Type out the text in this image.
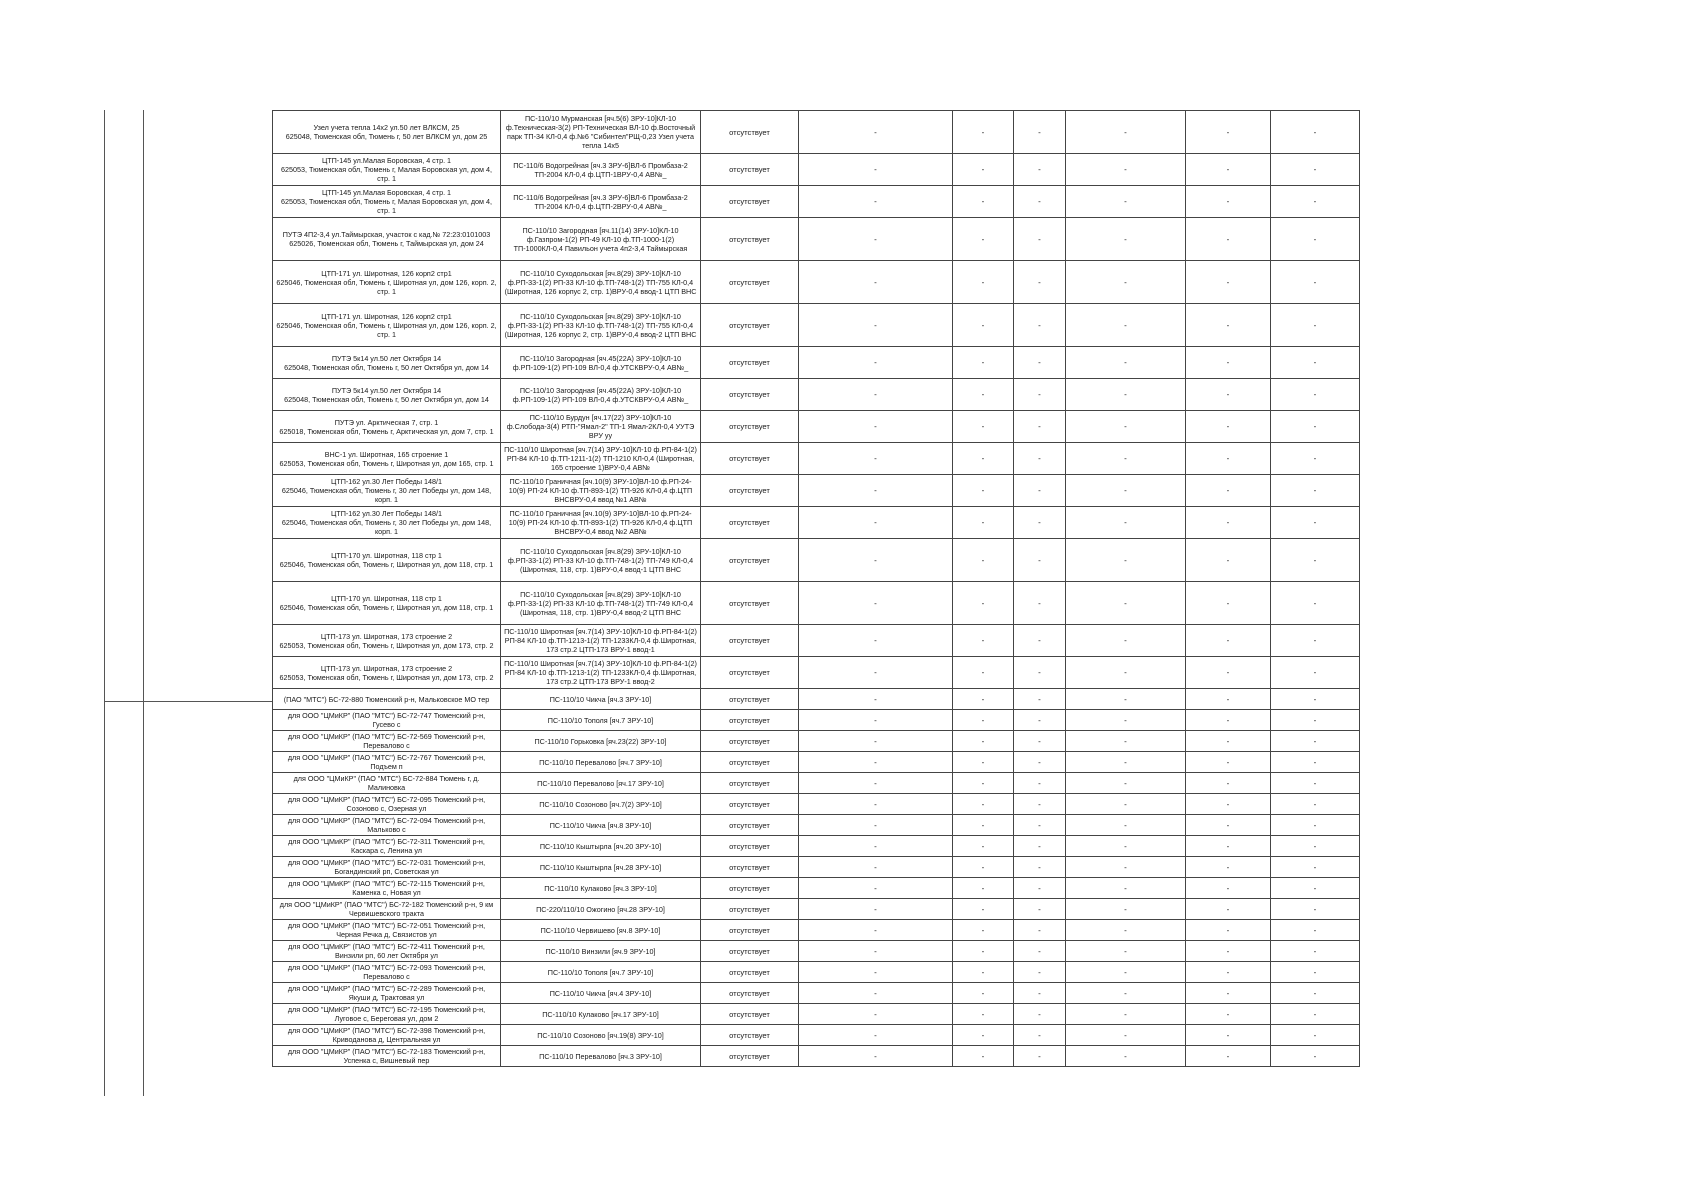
Узел учета тепла 14х2 ул.50 лет ВЛКСМ, 25
625048, Тюменская обл, Тюмень г, 50 лет ВЛКСМ ул, дом 25	ПС-110/10 Мурманская [яч.5(6) ЗРУ-10]КЛ-10 ф.Техническая-3(2) РП-Техническая ВЛ-10 ф.Восточный парк ТП-34 КЛ-0,4 ф.№6 "Сибинтел"РЩ-0,23 Узел учета тепла 14х5	отсутствует	-	-	-	-	-	-
ЦТП-145 ул.Малая Боровская, 4 стр. 1
625053, Тюменская обл, Тюмень г, Малая Боровская ул, дом 4, стр. 1	ПС-110/6 Водогрейная [яч.3 ЗРУ-6]ВЛ-6 Промбаза-2 ТП-2004 КЛ-0,4 ф.ЦТП-1ВРУ-0,4 АВ№_	отсутствует	-	-	-	-	-	-
ЦТП-145 ул.Малая Боровская, 4 стр. 1
625053, Тюменская обл, Тюмень г, Малая Боровская ул, дом 4, стр. 1	ПС-110/6 Водогрейная [яч.3 ЗРУ-6]ВЛ-6 Промбаза-2 ТП-2004 КЛ-0,4 ф.ЦТП-2ВРУ-0,4 АВ№_	отсутствует	-	-	-	-	-	-
ПУТЭ 4П2-3,4 ул.Таймырская, участок с кад.№ 72:23:0101003
625026, Тюменская обл, Тюмень г, Таймырская ул, дом 24	ПС-110/10 Загородная [яч.11(14) ЗРУ-10]КЛ-10 ф.Газпром-1(2) РП-49 КЛ-10 ф.ТП-1000-1(2) ТП-1000КЛ-0,4 Павильон учета 4п2-3,4 Таймырская	отсутствует	-	-	-	-	-	-
ЦТП-171 ул. Широтная, 126 корп2 стр1
625046, Тюменская обл, Тюмень г, Широтная ул, дом 126, корп. 2, стр. 1	ПС-110/10 Суходольская [яч.8(29) ЗРУ-10]КЛ-10 ф.РП-33-1(2) РП-33 КЛ-10 ф.ТП-748-1(2) ТП-755 КЛ-0,4 (Широтная, 126 корпус 2, стр. 1)ВРУ-0,4 ввод-1 ЦТП ВНС	отсутствует	-	-	-	-	-	-
ЦТП-171 ул. Широтная, 126 корп2 стр1
625046, Тюменская обл, Тюмень г, Широтная ул, дом 126, корп. 2, стр. 1	ПС-110/10 Суходольская [яч.8(29) ЗРУ-10]КЛ-10 ф.РП-33-1(2) РП-33 КЛ-10 ф.ТП-748-1(2) ТП-755 КЛ-0,4 (Широтная, 126 корпус 2, стр. 1)ВРУ-0,4 ввод-2 ЦТП ВНС	отсутствует	-	-	-	-	-	-
ПУТЭ 5к14 ул.50 лет Октября 14
625048, Тюменская обл, Тюмень г, 50 лет Октября ул, дом 14	ПС-110/10 Загородная [яч.45(22А) ЗРУ-10]КЛ-10 ф.РП-109-1(2) РП-109 ВЛ-0,4 ф.УТСКВРУ-0,4 АВ№_	отсутствует	-	-	-	-	-	-
ПУТЭ 5к14 ул.50 лет Октября 14
625048, Тюменская обл, Тюмень г, 50 лет Октября ул, дом 14	ПС-110/10 Загородная [яч.45(22А) ЗРУ-10]КЛ-10 ф.РП-109-1(2) РП-109 ВЛ-0,4 ф.УТСКВРУ-0,4 АВ№_	отсутствует	-	-	-	-	-	-
ПУТЭ ул. Арктическая 7, стр. 1
625018, Тюменская обл, Тюмень г, Арктическая ул, дом 7, стр. 1	ПС-110/10 Бурдун [яч.17(22) ЗРУ-10]КЛ-10 ф.Слобода-3(4) РТП-"Ямал-2" ТП-1 Ямал-2КЛ-0,4 УУТЭ ВРУ уу	отсутствует	-	-	-	-	-	-
ВНС-1 ул. Широтная, 165 строение 1
625053, Тюменская обл, Тюмень г, Широтная ул, дом 165, стр. 1	ПС-110/10 Широтная [яч.7(14) ЗРУ-10]КЛ-10 ф.РП-84-1(2) РП-84 КЛ-10 ф.ТП-1211-1(2) ТП-1210 КЛ-0,4 (Широтная, 165 строение 1)ВРУ-0,4 АВ№	отсутствует	-	-	-	-	-	-
ЦТП-162 ул.30 Лет Победы 148/1
625046, Тюменская обл, Тюмень г, 30 лет Победы ул, дом 148, корп. 1	ПС-110/10 Граничная [яч.10(9) ЗРУ-10]ВЛ-10 ф.РП-24-10(9) РП-24 КЛ-10 ф.ТП-893-1(2) ТП-926 КЛ-0,4 ф.ЦТП ВНСВРУ-0,4 ввод №1 АВ№	отсутствует	-	-	-	-	-	-
ЦТП-162 ул.30 Лет Победы 148/1
625046, Тюменская обл, Тюмень г, 30 лет Победы ул, дом 148, корп. 1	ПС-110/10 Граничная [яч.10(9) ЗРУ-10]ВЛ-10 ф.РП-24-10(9) РП-24 КЛ-10 ф.ТП-893-1(2) ТП-926 КЛ-0,4 ф.ЦТП ВНСВРУ-0,4 ввод №2 АВ№	отсутствует	-	-	-	-	-	-
ЦТП-170 ул. Широтная, 118 стр 1
625046, Тюменская обл, Тюмень г, Широтная ул, дом 118, стр. 1	ПС-110/10 Суходольская [яч.8(29) ЗРУ-10]КЛ-10 ф.РП-33-1(2) РП-33 КЛ-10 ф.ТП-748-1(2) ТП-749 КЛ-0,4 (Широтная, 118, стр. 1)ВРУ-0,4 ввод-1 ЦТП ВНС	отсутствует	-	-	-	-	-	-
ЦТП-170 ул. Широтная, 118 стр 1
625046, Тюменская обл, Тюмень г, Широтная ул, дом 118, стр. 1	ПС-110/10 Суходольская [яч.8(29) ЗРУ-10]КЛ-10 ф.РП-33-1(2) РП-33 КЛ-10 ф.ТП-748-1(2) ТП-749 КЛ-0,4 (Широтная, 118, стр. 1)ВРУ-0,4 ввод-2 ЦТП ВНС	отсутствует	-	-	-	-	-	-
ЦТП-173 ул. Широтная, 173 строение 2
625053, Тюменская обл, Тюмень г, Широтная ул, дом 173, стр. 2	ПС-110/10 Широтная [яч.7(14) ЗРУ-10]КЛ-10 ф.РП-84-1(2) РП-84 КЛ-10 ф.ТП-1213-1(2) ТП-1233КЛ-0,4 ф.Широтная, 173 стр.2 ЦТП-173 ВРУ-1 ввод-1	отсутствует	-	-	-	-	-	-
ЦТП-173 ул. Широтная, 173 строение 2
625053, Тюменская обл, Тюмень г, Широтная ул, дом 173, стр. 2	ПС-110/10 Широтная [яч.7(14) ЗРУ-10]КЛ-10 ф.РП-84-1(2) РП-84 КЛ-10 ф.ТП-1213-1(2) ТП-1233КЛ-0,4 ф.Широтная, 173 стр.2 ЦТП-173 ВРУ-1 ввод-2	отсутствует	-	-	-	-	-	-
(ПАО "МТС") БС-72-880 Тюменский р-н, Мальковское МО тер	ПС-110/10 Чикча [яч.3 ЗРУ-10]	отсутствует	-	-	-	-	-	-
для ООО "ЦМиКР" (ПАО "МТС") БС-72-747 Тюменский р-н, Гусево с	ПС-110/10 Тополя [яч.7 ЗРУ-10]	отсутствует	-	-	-	-	-	-
для ООО "ЦМиКР" (ПАО "МТС") БС-72-569 Тюменский р-н, Перевалово с	ПС-110/10 Горьковка [яч.23(22) ЗРУ-10]	отсутствует	-	-	-	-	-	-
для ООО "ЦМиКР" (ПАО "МТС") БС-72-767 Тюменский р-н, Подъем п	ПС-110/10 Перевалово [яч.7 ЗРУ-10]	отсутствует	-	-	-	-	-	-
для ООО "ЦМиКР" (ПАО "МТС") БС-72-884 Тюмень г, д. Малиновка	ПС-110/10 Перевалово [яч.17 ЗРУ-10]	отсутствует	-	-	-	-	-	-
для ООО "ЦМиКР" (ПАО "МТС") БС-72-095 Тюменский р-н, Созоново с, Озерная ул	ПС-110/10 Созоново [яч.7(2) ЗРУ-10]	отсутствует	-	-	-	-	-	-
для ООО "ЦМиКР" (ПАО "МТС") БС-72-094 Тюменский р-н, Мальково с	ПС-110/10 Чикча [яч.8 ЗРУ-10]	отсутствует	-	-	-	-	-	-
для ООО "ЦМиКР" (ПАО "МТС") БС-72-311 Тюменский р-н, Каскара с, Ленина ул	ПС-110/10 Кыштырла [яч.20 ЗРУ-10]	отсутствует	-	-	-	-	-	-
для ООО "ЦМиКР" (ПАО "МТС") БС-72-031 Тюменский р-н, Богандинский рп, Советская ул	ПС-110/10 Кыштырла [яч.28 ЗРУ-10]	отсутствует	-	-	-	-	-	-
для ООО "ЦМиКР" (ПАО "МТС") БС-72-115 Тюменский р-н, Каменка с, Новая ул	ПС-110/10 Кулаково [яч.3 ЗРУ-10]	отсутствует	-	-	-	-	-	-
для ООО "ЦМиКР" (ПАО "МТС") БС-72-182 Тюменский р-н, 9 км Червишевского тракта	ПС-220/110/10 Ожогино [яч.28 ЗРУ-10]	отсутствует	-	-	-	-	-	-
для ООО "ЦМиКР" (ПАО "МТС") БС-72-051 Тюменский р-н, Черная Речка д, Связистов ул	ПС-110/10 Червишево [яч.8 ЗРУ-10]	отсутствует	-	-	-	-	-	-
для ООО "ЦМиКР" (ПАО "МТС") БС-72-411 Тюменский р-н, Винзили рп, 60 лет Октября ул	ПС-110/10 Винзили [яч.9 ЗРУ-10]	отсутствует	-	-	-	-	-	-
для ООО "ЦМиКР" (ПАО "МТС") БС-72-093 Тюменский р-н, Перевалово с	ПС-110/10 Тополя [яч.7 ЗРУ-10]	отсутствует	-	-	-	-	-	-
для ООО "ЦМиКР" (ПАО "МТС") БС-72-289 Тюменский р-н, Якуши д, Трактовая ул	ПС-110/10 Чикча [яч.4 ЗРУ-10]	отсутствует	-	-	-	-	-	-
для ООО "ЦМиКР" (ПАО "МТС") БС-72-195 Тюменский р-н, Луговое с, Береговая ул, дом 2	ПС-110/10 Кулаково [яч.17 ЗРУ-10]	отсутствует	-	-	-	-	-	-
для ООО "ЦМиКР" (ПАО "МТС") БС-72-398 Тюменский р-н, Криводанова д, Центральная ул	ПС-110/10 Созоново [яч.19(8) ЗРУ-10]	отсутствует	-	-	-	-	-	-
для ООО "ЦМиКР" (ПАО "МТС") БС-72-183 Тюменский р-н, Успенка с, Вишневый пер	ПС-110/10 Перевалово [яч.3 ЗРУ-10]	отсутствует	-	-	-	-	-	-
